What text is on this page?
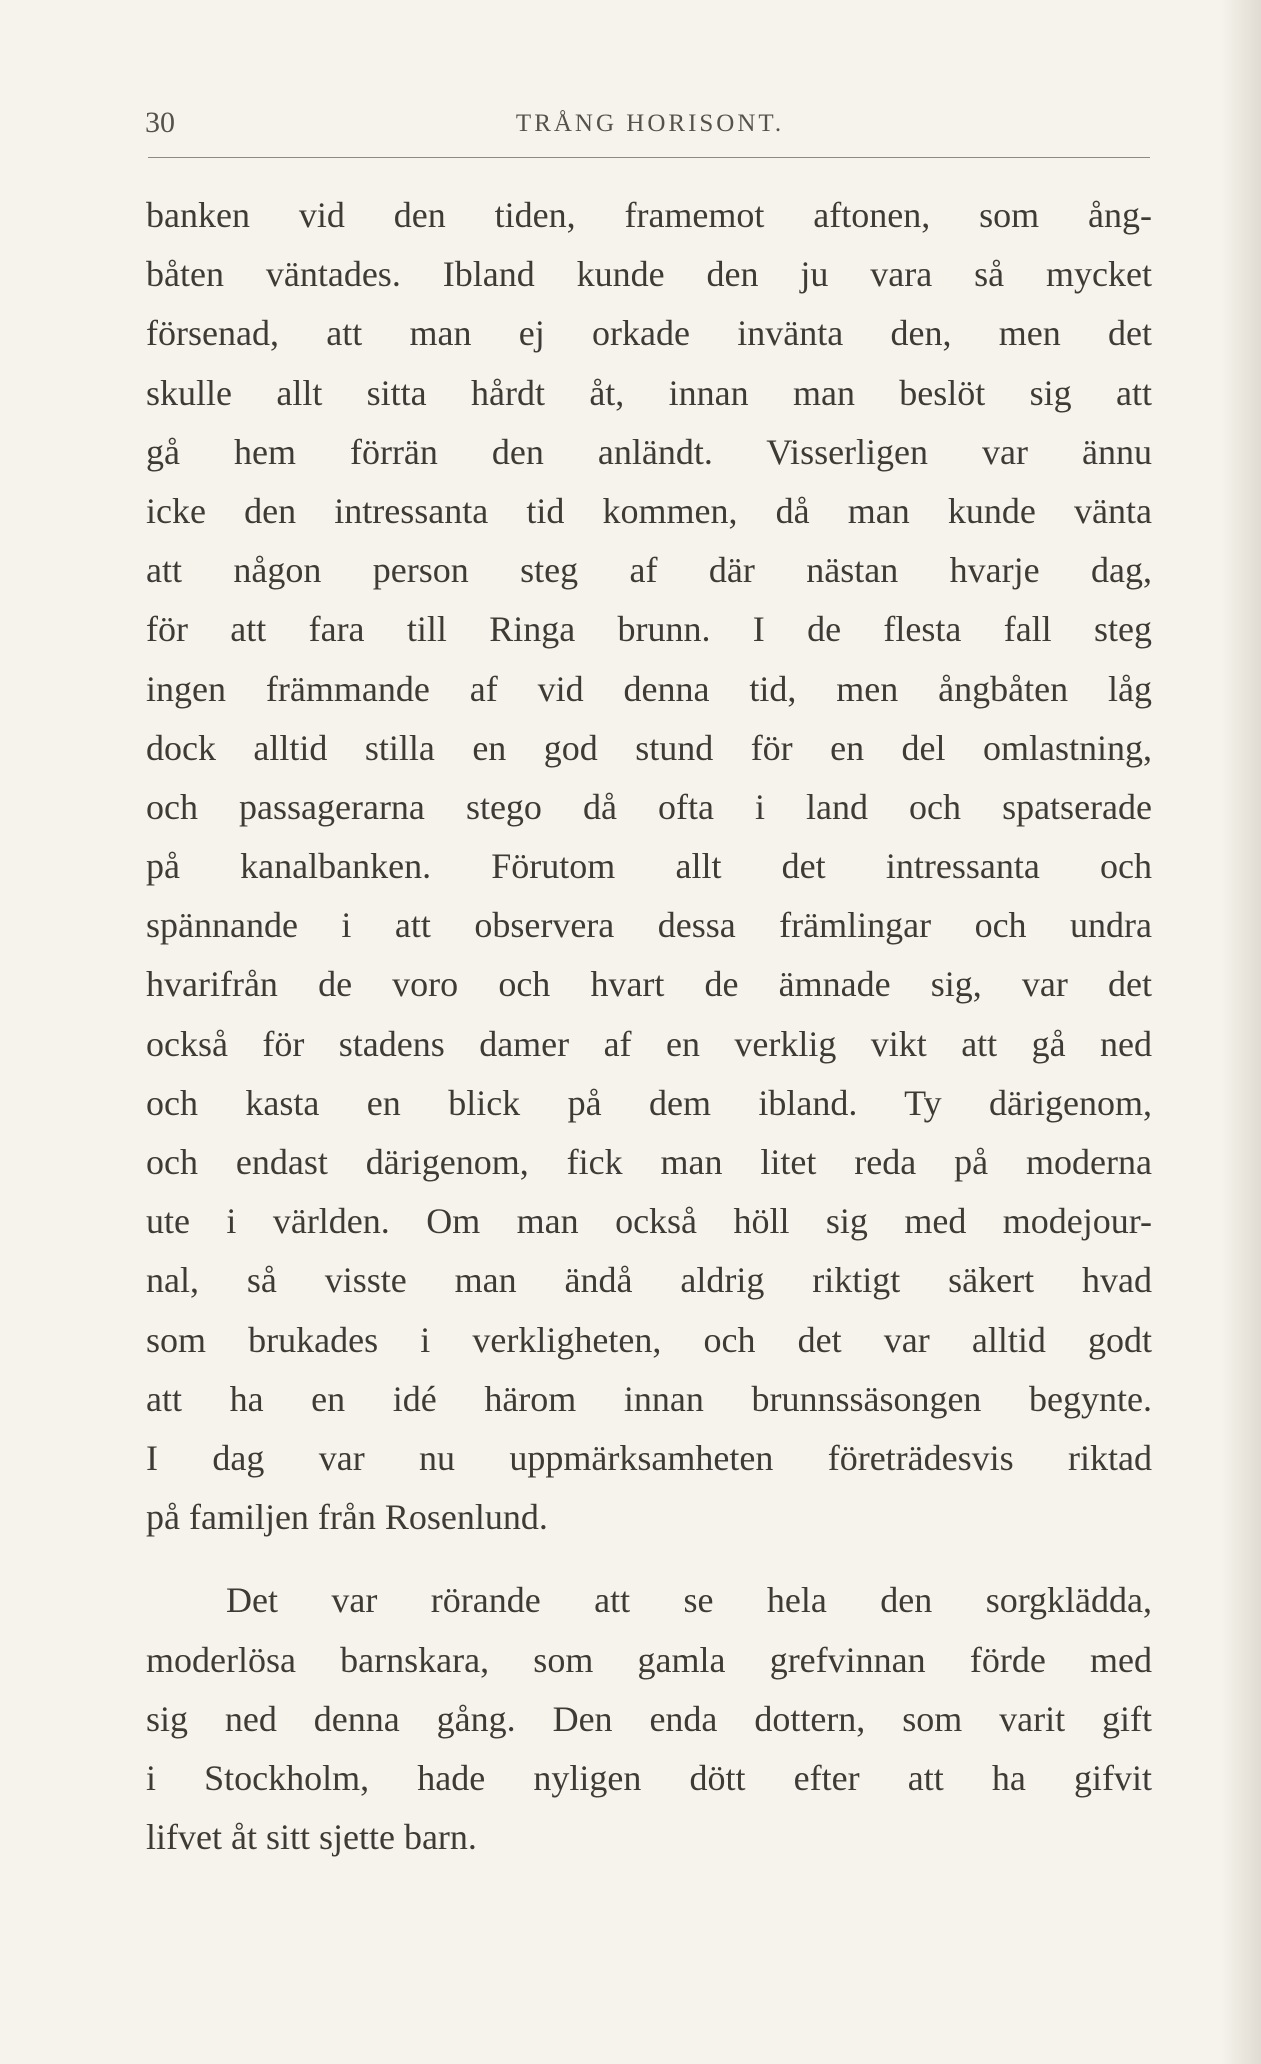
30	TRÅNG HORISONT.
banken vid den tiden, framemot aftonen, som ång-
båten väntades. Ibland kunde den ju vara så mycket
försenad, att man ej orkade invänta den, men det
skulle allt sitta hårdt åt, innan man beslöt sig att
gå hem förrän den anländt. Visserligen var ännu
icke den intressanta tid kommen, då man kunde vänta
att någon person steg af där nästan hvarje dag,
för att fara till Ringa brunn. I de flesta fall steg
ingen främmande af vid denna tid, men ångbåten låg
dock alltid stilla en god stund för en del omlastning,
och passagerarna stego då ofta i land och spatserade
på kanalbanken. Förutom allt det intressanta och
spännande i att observera dessa främlingar och undra
hvarifrån de voro och hvart de ämnade sig, var det
också för stadens damer af en verklig vikt att gå ned
och kasta en blick på dem ibland. Ty därigenom,
och endast därigenom, fick man litet reda på moderna
ute i världen. Om man också höll sig med modejour-
nal, så visste man ändå aldrig riktigt säkert hvad
som brukades i verkligheten, och det var alltid godt
att ha en idé härom innan brunnssäsongen begynte.
I dag var nu uppmärksamheten företrädesvis riktad
på familjen från Rosenlund.
Det var rörande att se hela den sorgklädda,
moderlösa barnskara, som gamla grefvinnan förde med
sig ned denna gång. Den enda dottern, som varit gift
i Stockholm, hade nyligen dött efter att ha gifvit
lifvet åt sitt sjette barn.
